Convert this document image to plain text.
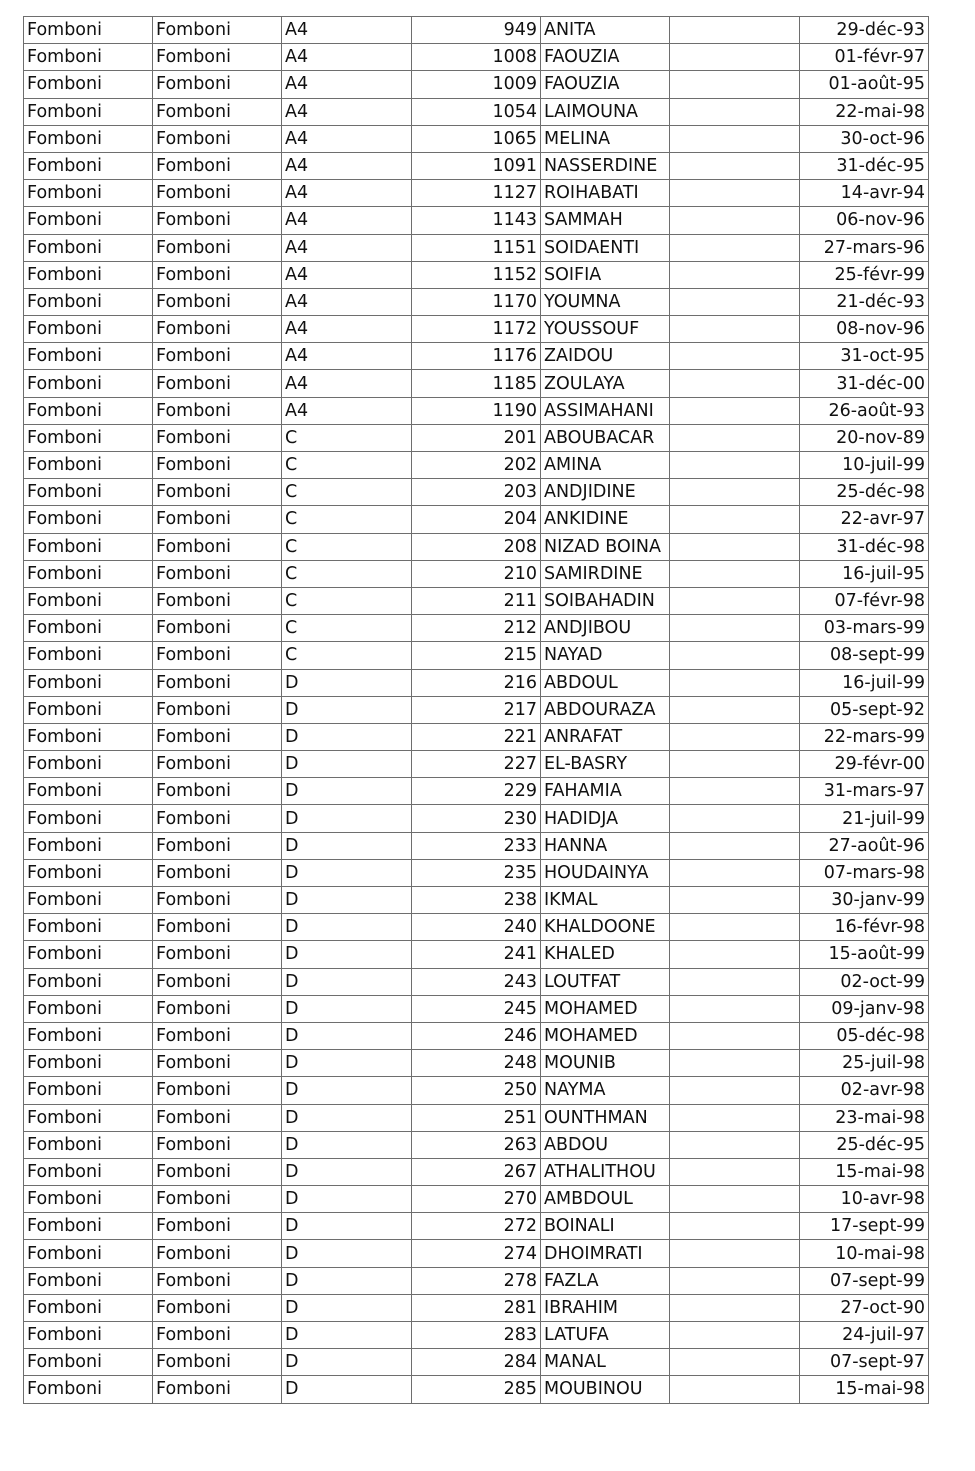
Fomboni	Fomboni	A4	949	ANITA		29-déc-93
Fomboni	Fomboni	A4	1008	FAOUZIA		01-févr-97
Fomboni	Fomboni	A4	1009	FAOUZIA		01-août-95
Fomboni	Fomboni	A4	1054	LAIMOUNA		22-mai-98
Fomboni	Fomboni	A4	1065	MELINA		30-oct-96
Fomboni	Fomboni	A4	1091	NASSERDINE		31-déc-95
Fomboni	Fomboni	A4	1127	ROIHABATI		14-avr-94
Fomboni	Fomboni	A4	1143	SAMMAH		06-nov-96
Fomboni	Fomboni	A4	1151	SOIDAENTI		27-mars-96
Fomboni	Fomboni	A4	1152	SOIFIA		25-févr-99
Fomboni	Fomboni	A4	1170	YOUMNA		21-déc-93
Fomboni	Fomboni	A4	1172	YOUSSOUF		08-nov-96
Fomboni	Fomboni	A4	1176	ZAIDOU		31-oct-95
Fomboni	Fomboni	A4	1185	ZOULAYA		31-déc-00
Fomboni	Fomboni	A4	1190	ASSIMAHANI		26-août-93
Fomboni	Fomboni	C	201	ABOUBACAR		20-nov-89
Fomboni	Fomboni	C	202	AMINA		10-juil-99
Fomboni	Fomboni	C	203	ANDJIDINE		25-déc-98
Fomboni	Fomboni	C	204	ANKIDINE		22-avr-97
Fomboni	Fomboni	C	208	NIZAD BOINA		31-déc-98
Fomboni	Fomboni	C	210	SAMIRDINE		16-juil-95
Fomboni	Fomboni	C	211	SOIBAHADIN		07-févr-98
Fomboni	Fomboni	C	212	ANDJIBOU		03-mars-99
Fomboni	Fomboni	C	215	NAYAD		08-sept-99
Fomboni	Fomboni	D	216	ABDOUL		16-juil-99
Fomboni	Fomboni	D	217	ABDOURAZA		05-sept-92
Fomboni	Fomboni	D	221	ANRAFAT		22-mars-99
Fomboni	Fomboni	D	227	EL-BASRY		29-févr-00
Fomboni	Fomboni	D	229	FAHAMIA		31-mars-97
Fomboni	Fomboni	D	230	HADIDJA		21-juil-99
Fomboni	Fomboni	D	233	HANNA		27-août-96
Fomboni	Fomboni	D	235	HOUDAINYA		07-mars-98
Fomboni	Fomboni	D	238	IKMAL		30-janv-99
Fomboni	Fomboni	D	240	KHALDOONE		16-févr-98
Fomboni	Fomboni	D	241	KHALED		15-août-99
Fomboni	Fomboni	D	243	LOUTFAT		02-oct-99
Fomboni	Fomboni	D	245	MOHAMED		09-janv-98
Fomboni	Fomboni	D	246	MOHAMED		05-déc-98
Fomboni	Fomboni	D	248	MOUNIB		25-juil-98
Fomboni	Fomboni	D	250	NAYMA		02-avr-98
Fomboni	Fomboni	D	251	OUNTHMAN		23-mai-98
Fomboni	Fomboni	D	263	ABDOU		25-déc-95
Fomboni	Fomboni	D	267	ATHALITHOU		15-mai-98
Fomboni	Fomboni	D	270	AMBDOUL		10-avr-98
Fomboni	Fomboni	D	272	BOINALI		17-sept-99
Fomboni	Fomboni	D	274	DHOIMRATI		10-mai-98
Fomboni	Fomboni	D	278	FAZLA		07-sept-99
Fomboni	Fomboni	D	281	IBRAHIM		27-oct-90
Fomboni	Fomboni	D	283	LATUFA		24-juil-97
Fomboni	Fomboni	D	284	MANAL		07-sept-97
Fomboni	Fomboni	D	285	MOUBINOU		15-mai-98
